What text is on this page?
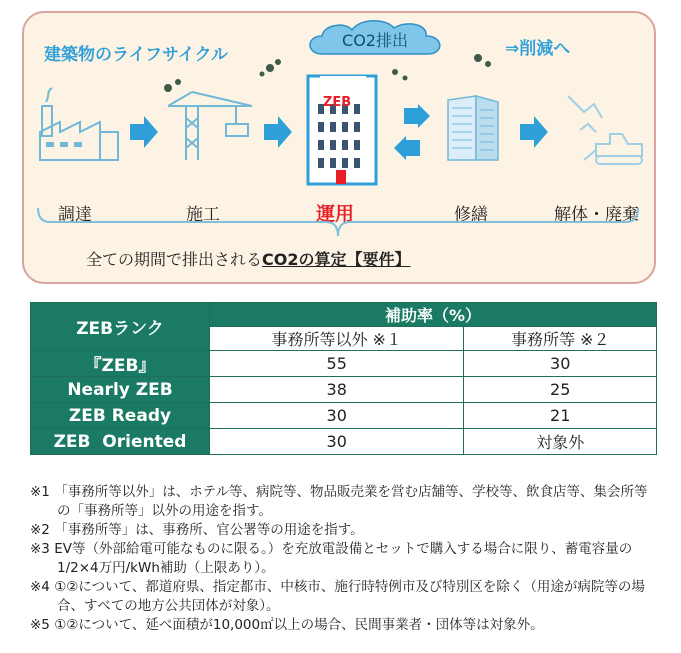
建築物のライフサイクル
CO2排出	⇒削減へ
ZEB
調達	施工	運用	修繕	解体・廃棄
全ての期間で排出されるCO2の算定【要件】
ZEBランク	補助率（%）	
	事務所等以外 ※１	事務所等 ※２
『ZEB』	55	30
Nearly ZEB	38	25
ZEB Ready	30	21
ZEB  Oriented	30	対象外

※1 「事務所等以外」は、ホテル等、病院等、物品販売業を営む店舗等、学校等、飲食店等、集会所等の「事務所等」以外の用途を指す。

※2 「事務所等」は、事務所、官公署等の用途を指す。

※3 EV等（外部給電可能なものに限る。）を充放電設備とセットで購入する場合に限り、蓄電容量の1/2×4万円/kWh補助（上限あり）。

※4 ①②について、都道府県、指定都市、中核市、施行時特例市及び特別区を除く（用途が病院等の場合、すべての地方公共団体が対象）。

※5 ①②について、延べ面積が10,000㎡以上の場合、民間事業者・団体等は対象外。
